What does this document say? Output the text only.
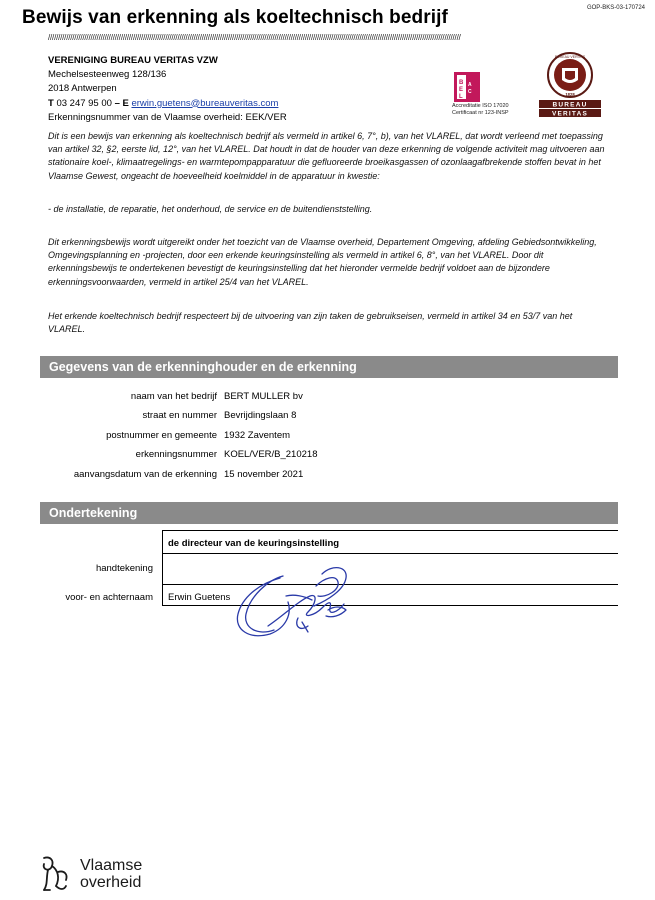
GOP-BKS-03-170724
Bewijs van erkenning als koeltechnisch bedrijf
////////////////////////////////////////////////////////////////////////////////////////////////////////////////////////////////////////////////////////////////////////////////////////////////////////////
VERENIGING BUREAU VERITAS VZW
Mechelsesteenweg 128/136
2018 Antwerpen
T 03 247 95 00 – E erwin.guetens@bureauveritas.com
Erkenningsnummer van de Vlaamse overheid: EEK/VER
B
E
L
A
C
Accreditatie ISO 17020
Certificaat nr 123-INSP
BUREAU VERITAS
1828
BUREAU
VERITAS
Dit is een bewijs van erkenning als koeltechnisch bedrijf als vermeld in artikel 6, 7°, b), van het VLAREL, dat wordt verleend met toepassing van artikel 32, §2, eerste lid, 12°, van het VLAREL. Dat houdt in dat de houder van deze erkenning de volgende activiteit mag uitvoeren aan stationaire koel-, klimaatregelings- en warmtepompapparatuur die gefluoreerde broeikasgassen of ozonlaagafbrekende stoffen bevat in het Vlaamse Gewest, ongeacht de hoeveelheid koelmiddel in de apparatuur in kwestie:
- de installatie, de reparatie, het onderhoud, de service en de buitendienststelling.
Dit erkenningsbewijs wordt uitgereikt onder het toezicht van de Vlaamse overheid, Departement Omgeving, afdeling Gebiedsontwikkeling, Omgevingsplanning en -projecten, door een erkende keuringsinstelling als vermeld in artikel 6, 8°, van het VLAREL. Door dit erkenningsbewijs te ondertekenen bevestigt de keuringsinstelling dat het hieronder vermelde bedrijf voldoet aan de bijzondere erkenningsvoorwaarden, vermeld in artikel 25/4 van het VLAREL.
Het erkende koeltechnisch bedrijf respecteert bij de uitvoering van zijn taken de gebruikseisen, vermeld in artikel 34 en 53/7 van het VLAREL.
Gegevens van de erkenninghouder en de erkenning
naam van het bedrijf BERT MULLER bv
straat en nummer Bevrijdingslaan 8
postnummer en gemeente 1932 Zaventem
erkenningsnummer KOEL/VER/B_210218
aanvangsdatum van de erkenning 15 november 2021
Ondertekening
de directeur van de keuringsinstelling
handtekening
voor- en achternaam Erwin Guetens
Vlaamse
overheid
